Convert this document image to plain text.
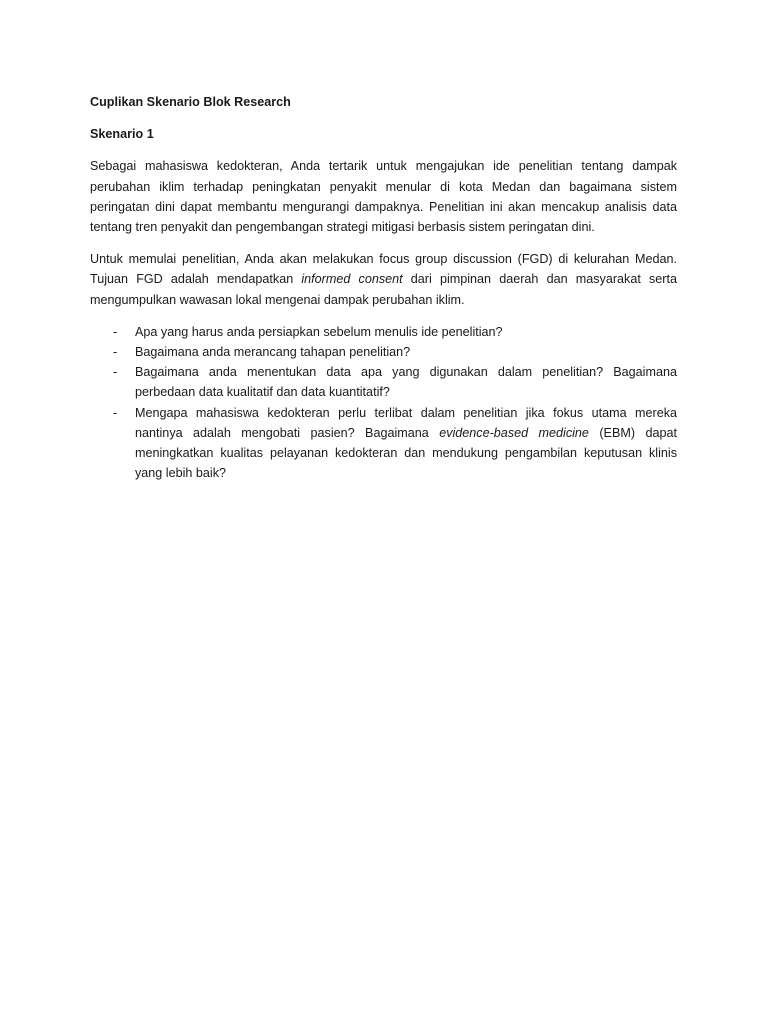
Cuplikan Skenario Blok Research

Skenario 1

Sebagai mahasiswa kedokteran, Anda tertarik untuk mengajukan ide penelitian tentang dampak perubahan iklim terhadap peningkatan penyakit menular di kota Medan dan bagaimana sistem peringatan dini dapat membantu mengurangi dampaknya. Penelitian ini akan mencakup analisis data tentang tren penyakit dan pengembangan strategi mitigasi berbasis sistem peringatan dini.

Untuk memulai penelitian, Anda akan melakukan focus group discussion (FGD) di kelurahan Medan. Tujuan FGD adalah mendapatkan informed consent dari pimpinan daerah dan masyarakat serta mengumpulkan wawasan lokal mengenai dampak perubahan iklim.

- Apa yang harus anda persiapkan sebelum menulis ide penelitian?
- Bagaimana anda merancang tahapan penelitian?
- Bagaimana anda menentukan data apa yang digunakan dalam penelitian? Bagaimana perbedaan data kualitatif dan data kuantitatif?
- Mengapa mahasiswa kedokteran perlu terlibat dalam penelitian jika fokus utama mereka nantinya adalah mengobati pasien? Bagaimana evidence-based medicine (EBM) dapat meningkatkan kualitas pelayanan kedokteran dan mendukung pengambilan keputusan klinis yang lebih baik?
